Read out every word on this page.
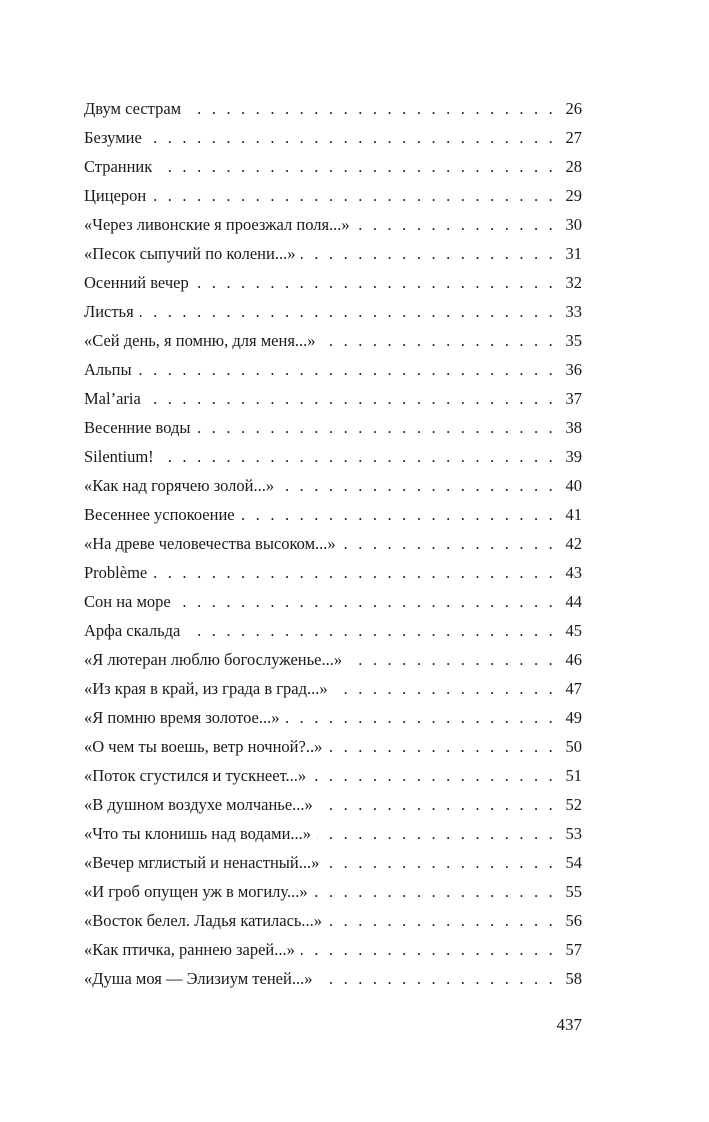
Двум сестрам . . .	26
Безумие . . .	27
Странник . . .	28
Цицерон . . .	29
«Через ливонские я проезжал поля...» . . .	30
«Песок сыпучий по колени...» . . .	31
Осенний вечер . . .	32
Листья . . .	33
«Сей день, я помню, для меня...» . . .	35
Альпы . . .	36
Mal’aria . . .	37
Весенние воды . . .	38
Silentium! . . .	39
«Как над горячею золой...» . . .	40
Весеннее успокоение . . .	41
«На древе человечества высоком...» . . .	42
Problème . . .	43
Сон на море . . .	44
Арфа скальда . . .	45
«Я лютеран люблю богослуженье...» . . .	46
«Из края в край, из града в град...» . . .	47
«Я помню время золотое...» . . .	49
«О чем ты воешь, ветр ночной?..» . . .	50
«Поток сгустился и тускнеет...» . . .	51
«В душном воздухе молчанье...» . . .	52
«Что ты клонишь над водами...» . . .	53
«Вечер мглистый и ненастный...» . . .	54
«И гроб опущен уж в могилу...» . . .	55
«Восток белел. Ладья катилась...» . . .	56
«Как птичка, раннею зарей...» . . .	57
«Душа моя — Элизиум теней...» . . .	58
437
